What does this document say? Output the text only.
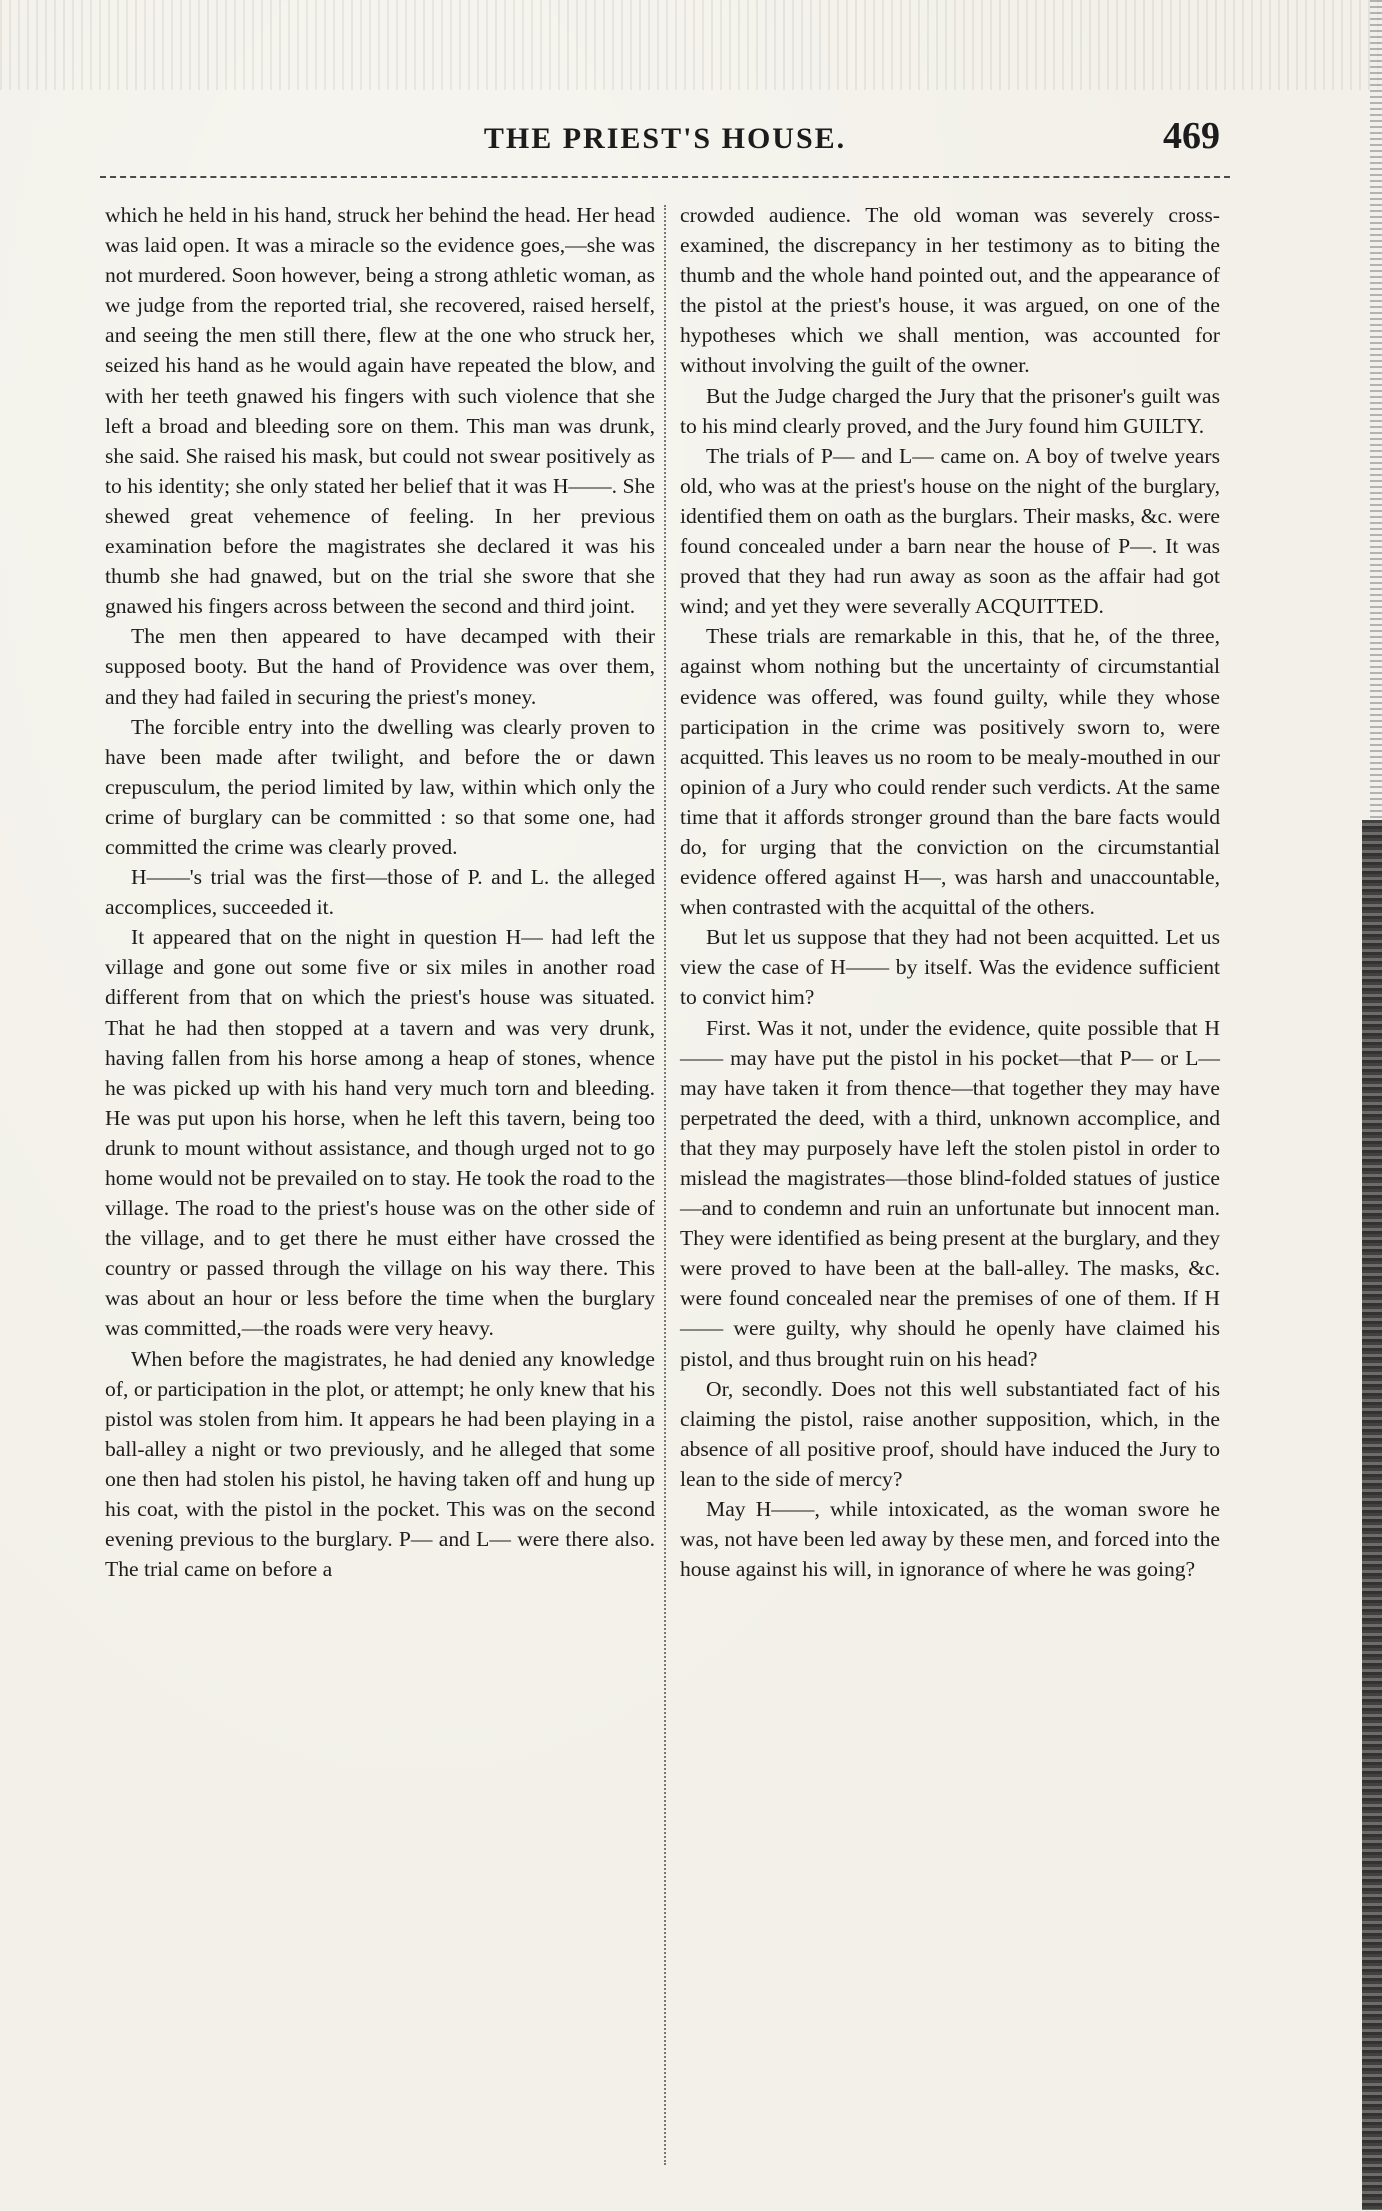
THE PRIEST'S HOUSE.	469

which he held in his hand, struck her behind the head. Her head was laid open. It was a miracle so the evidence goes,—she was not murdered. Soon however, being a strong athletic woman, as we judge from the reported trial, she recovered, raised herself, and seeing the men still there, flew at the one who struck her, seized his hand as he would again have repeated the blow, and with her teeth gnawed his fingers with such violence that she left a broad and bleeding sore on them. This man was drunk, she said. She raised his mask, but could not swear positively as to his identity; she only stated her belief that it was H——. She shewed great vehemence of feeling. In her previous examination before the magistrates she declared it was his thumb she had gnawed, but on the trial she swore that she gnawed his fingers across between the second and third joint.

The men then appeared to have decamped with their supposed booty. But the hand of Providence was over them, and they had failed in securing the priest's money.

The forcible entry into the dwelling was clearly proven to have been made after twilight, and before the or dawn crepusculum, the period limited by law, within which only the crime of burglary can be committed : so that some one, had committed the crime was clearly proved.

H——'s trial was the first—those of P. and L. the alleged accomplices, succeeded it.

It appeared that on the night in question H— had left the village and gone out some five or six miles in another road different from that on which the priest's house was situated. That he had then stopped at a tavern and was very drunk, having fallen from his horse among a heap of stones, whence he was picked up with his hand very much torn and bleeding. He was put upon his horse, when he left this tavern, being too drunk to mount without assistance, and though urged not to go home would not be prevailed on to stay. He took the road to the village. The road to the priest's house was on the other side of the village, and to get there he must either have crossed the country or passed through the village on his way there. This was about an hour or less before the time when the burglary was committed,—the roads were very heavy.

When before the magistrates, he had denied any knowledge of, or participation in the plot, or attempt; he only knew that his pistol was stolen from him. It appears he had been playing in a ball-alley a night or two previously, and he alleged that some one then had stolen his pistol, he having taken off and hung up his coat, with the pistol in the pocket. This was on the second evening previous to the burglary. P— and L— were there also. The trial came on before a

crowded audience. The old woman was severely cross-examined, the discrepancy in her testimony as to biting the thumb and the whole hand pointed out, and the appearance of the pistol at the priest's house, it was argued, on one of the hypotheses which we shall mention, was accounted for without involving the guilt of the owner.

But the Judge charged the Jury that the prisoner's guilt was to his mind clearly proved, and the Jury found him GUILTY.

The trials of P— and L— came on. A boy of twelve years old, who was at the priest's house on the night of the burglary, identified them on oath as the burglars. Their masks, &c. were found concealed under a barn near the house of P—. It was proved that they had run away as soon as the affair had got wind; and yet they were severally ACQUITTED.

These trials are remarkable in this, that he, of the three, against whom nothing but the uncertainty of circumstantial evidence was offered, was found guilty, while they whose participation in the crime was positively sworn to, were acquitted. This leaves us no room to be mealy-mouthed in our opinion of a Jury who could render such verdicts. At the same time that it affords stronger ground than the bare facts would do, for urging that the conviction on the circumstantial evidence offered against H—, was harsh and unaccountable, when contrasted with the acquittal of the others.

But let us suppose that they had not been acquitted. Let us view the case of H—— by itself. Was the evidence sufficient to convict him?

First. Was it not, under the evidence, quite possible that H—— may have put the pistol in his pocket—that P— or L— may have taken it from thence—that together they may have perpetrated the deed, with a third, unknown accomplice, and that they may purposely have left the stolen pistol in order to mislead the magistrates—those blind-folded statues of justice—and to condemn and ruin an unfortunate but innocent man. They were identified as being present at the burglary, and they were proved to have been at the ball-alley. The masks, &c. were found concealed near the premises of one of them. If H—— were guilty, why should he openly have claimed his pistol, and thus brought ruin on his head?

Or, secondly. Does not this well substantiated fact of his claiming the pistol, raise another supposition, which, in the absence of all positive proof, should have induced the Jury to lean to the side of mercy?

May H——, while intoxicated, as the woman swore he was, not have been led away by these men, and forced into the house against his will, in ignorance of where he was going?
